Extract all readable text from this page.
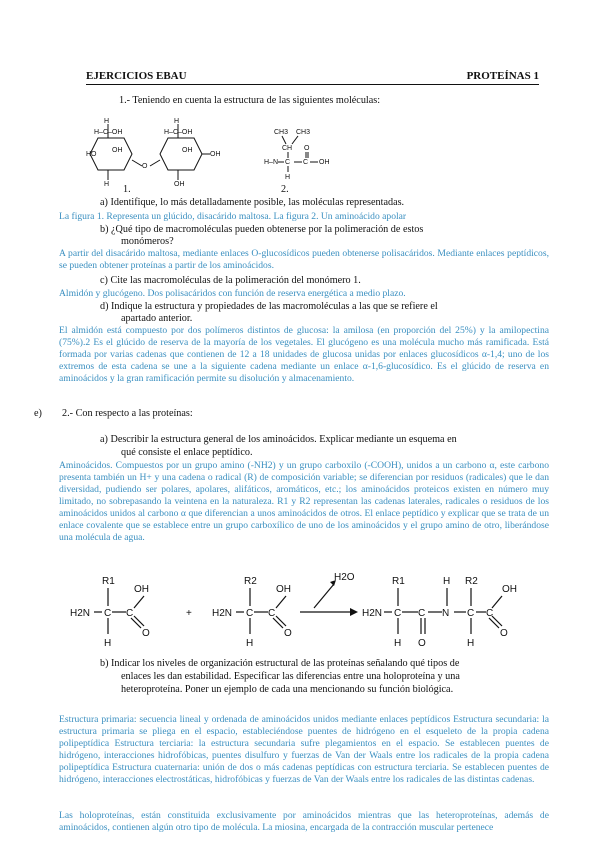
EJERCICIOS EBAU	PROTEÍNAS 1
1.- Teniendo en cuenta la estructura de las siguientes moléculas:
H
H–C–OH
HO
OH
O
H
H
H–C–OH
OH
OH
OH
CH3 CH3
CH O
H–N C C OH
H
1.	2.
a) Identifique, lo más detalladamente posible, las moléculas representadas.
La figura 1. Representa un glúcido, disacárido maltosa. La figura 2. Un aminoácido apolar
b) ¿Qué tipo de macromoléculas pueden obtenerse por la polimeración de estos
monómeros?
A partir del disacárido maltosa, mediante enlaces O-glucosídicos pueden obtenerse polisacáridos. Mediante enlaces peptídicos, se pueden obtener proteínas a partir de los aminoácidos.
c) Cite las macromoléculas de la polimeración del monómero 1.
Almidón y glucógeno. Dos polisacáridos con función de reserva energética a medio plazo.
d) Indique la estructura y propiedades de las macromoléculas a las que se refiere el
apartado anterior.
El almidón está compuesto por dos polímeros distintos de glucosa: la amilosa (en proporción del 25%) y la amilopectina (75%).2 Es el glúcido de reserva de la mayoría de los vegetales. El glucógeno es una molécula mucho más ramificada. Está formada por varias cadenas que contienen de 12 a 18 unidades de glucosa unidas por enlaces glucosídicos α-1,4; uno de los extremos de esta cadena se une a la siguiente cadena mediante un enlace α-1,6-glucosídico. Es el glúcido de reserva en aminoácidos y la gran ramificación permite su disolución y almacenamiento.
e) 2.- Con respecto a las proteínas:
a) Describir la estructura general de los aminoácidos. Explicar mediante un esquema en
qué consiste el enlace peptídico.
Aminoácidos. Compuestos por un grupo amino (-NH2) y un grupo carboxilo (-COOH), unidos a un carbono α, este carbono presenta también un H+ y una cadena o radical (R) de composición variable; se diferencian por residuos (radicales) que le dan diversidad, pudiendo ser polares, apolares, alifáticos, aromáticos, etc.; los aminoácidos proteicos existen en número muy limitado, no sobrepasando la veintena en la naturaleza. R1 y R2 representan las cadenas laterales, radicales o residuos de los aminoácidos unidos al carbono α que diferencian a unos aminoácidos de otros. El enlace peptídico y explicar que se trata de un enlace covalente que se establece entre un grupo carboxílico de uno de los aminoácidos y el grupo amino de otro, liberándose una molécula de agua.
R1
OH
H2N C C
O
H
+
R2
OH
H2N C C
O
H
H2O
H2N
R1
C
H
C
O
H
N
R2
C
H
C
OH
O
b) Indicar los niveles de organización estructural de las proteínas señalando qué tipos de
enlaces les dan estabilidad. Especificar las diferencias entre una holoproteína y una
heteroproteína. Poner un ejemplo de cada una mencionando su función biológica.
Estructura primaria: secuencia lineal y ordenada de aminoácidos unidos mediante enlaces peptídicos Estructura secundaria: la estructura primaria se pliega en el espacio, estableciéndose puentes de hidrógeno en el esqueleto de la propia cadena polipeptídica Estructura terciaria: la estructura secundaria sufre plegamientos en el espacio. Se establecen puentes de hidrógeno, interacciones hidrofóbicas, puentes disulfuro y fuerzas de Van der Waals entre los radicales de la propia cadena polipeptídica Estructura cuaternaria: unión de dos o más cadenas peptídicas con estructura terciaria. Se establecen puentes de hidrógeno, interacciones electrostáticas, hidrofóbicas y fuerzas de Van der Waals entre los radicales de las distintas cadenas.
Las holoproteínas, están constituida exclusivamente por aminoácidos mientras que las heteroproteínas, además de aminoácidos, contienen algún otro tipo de molécula. La miosina, encargada de la contracción muscular pertenece
